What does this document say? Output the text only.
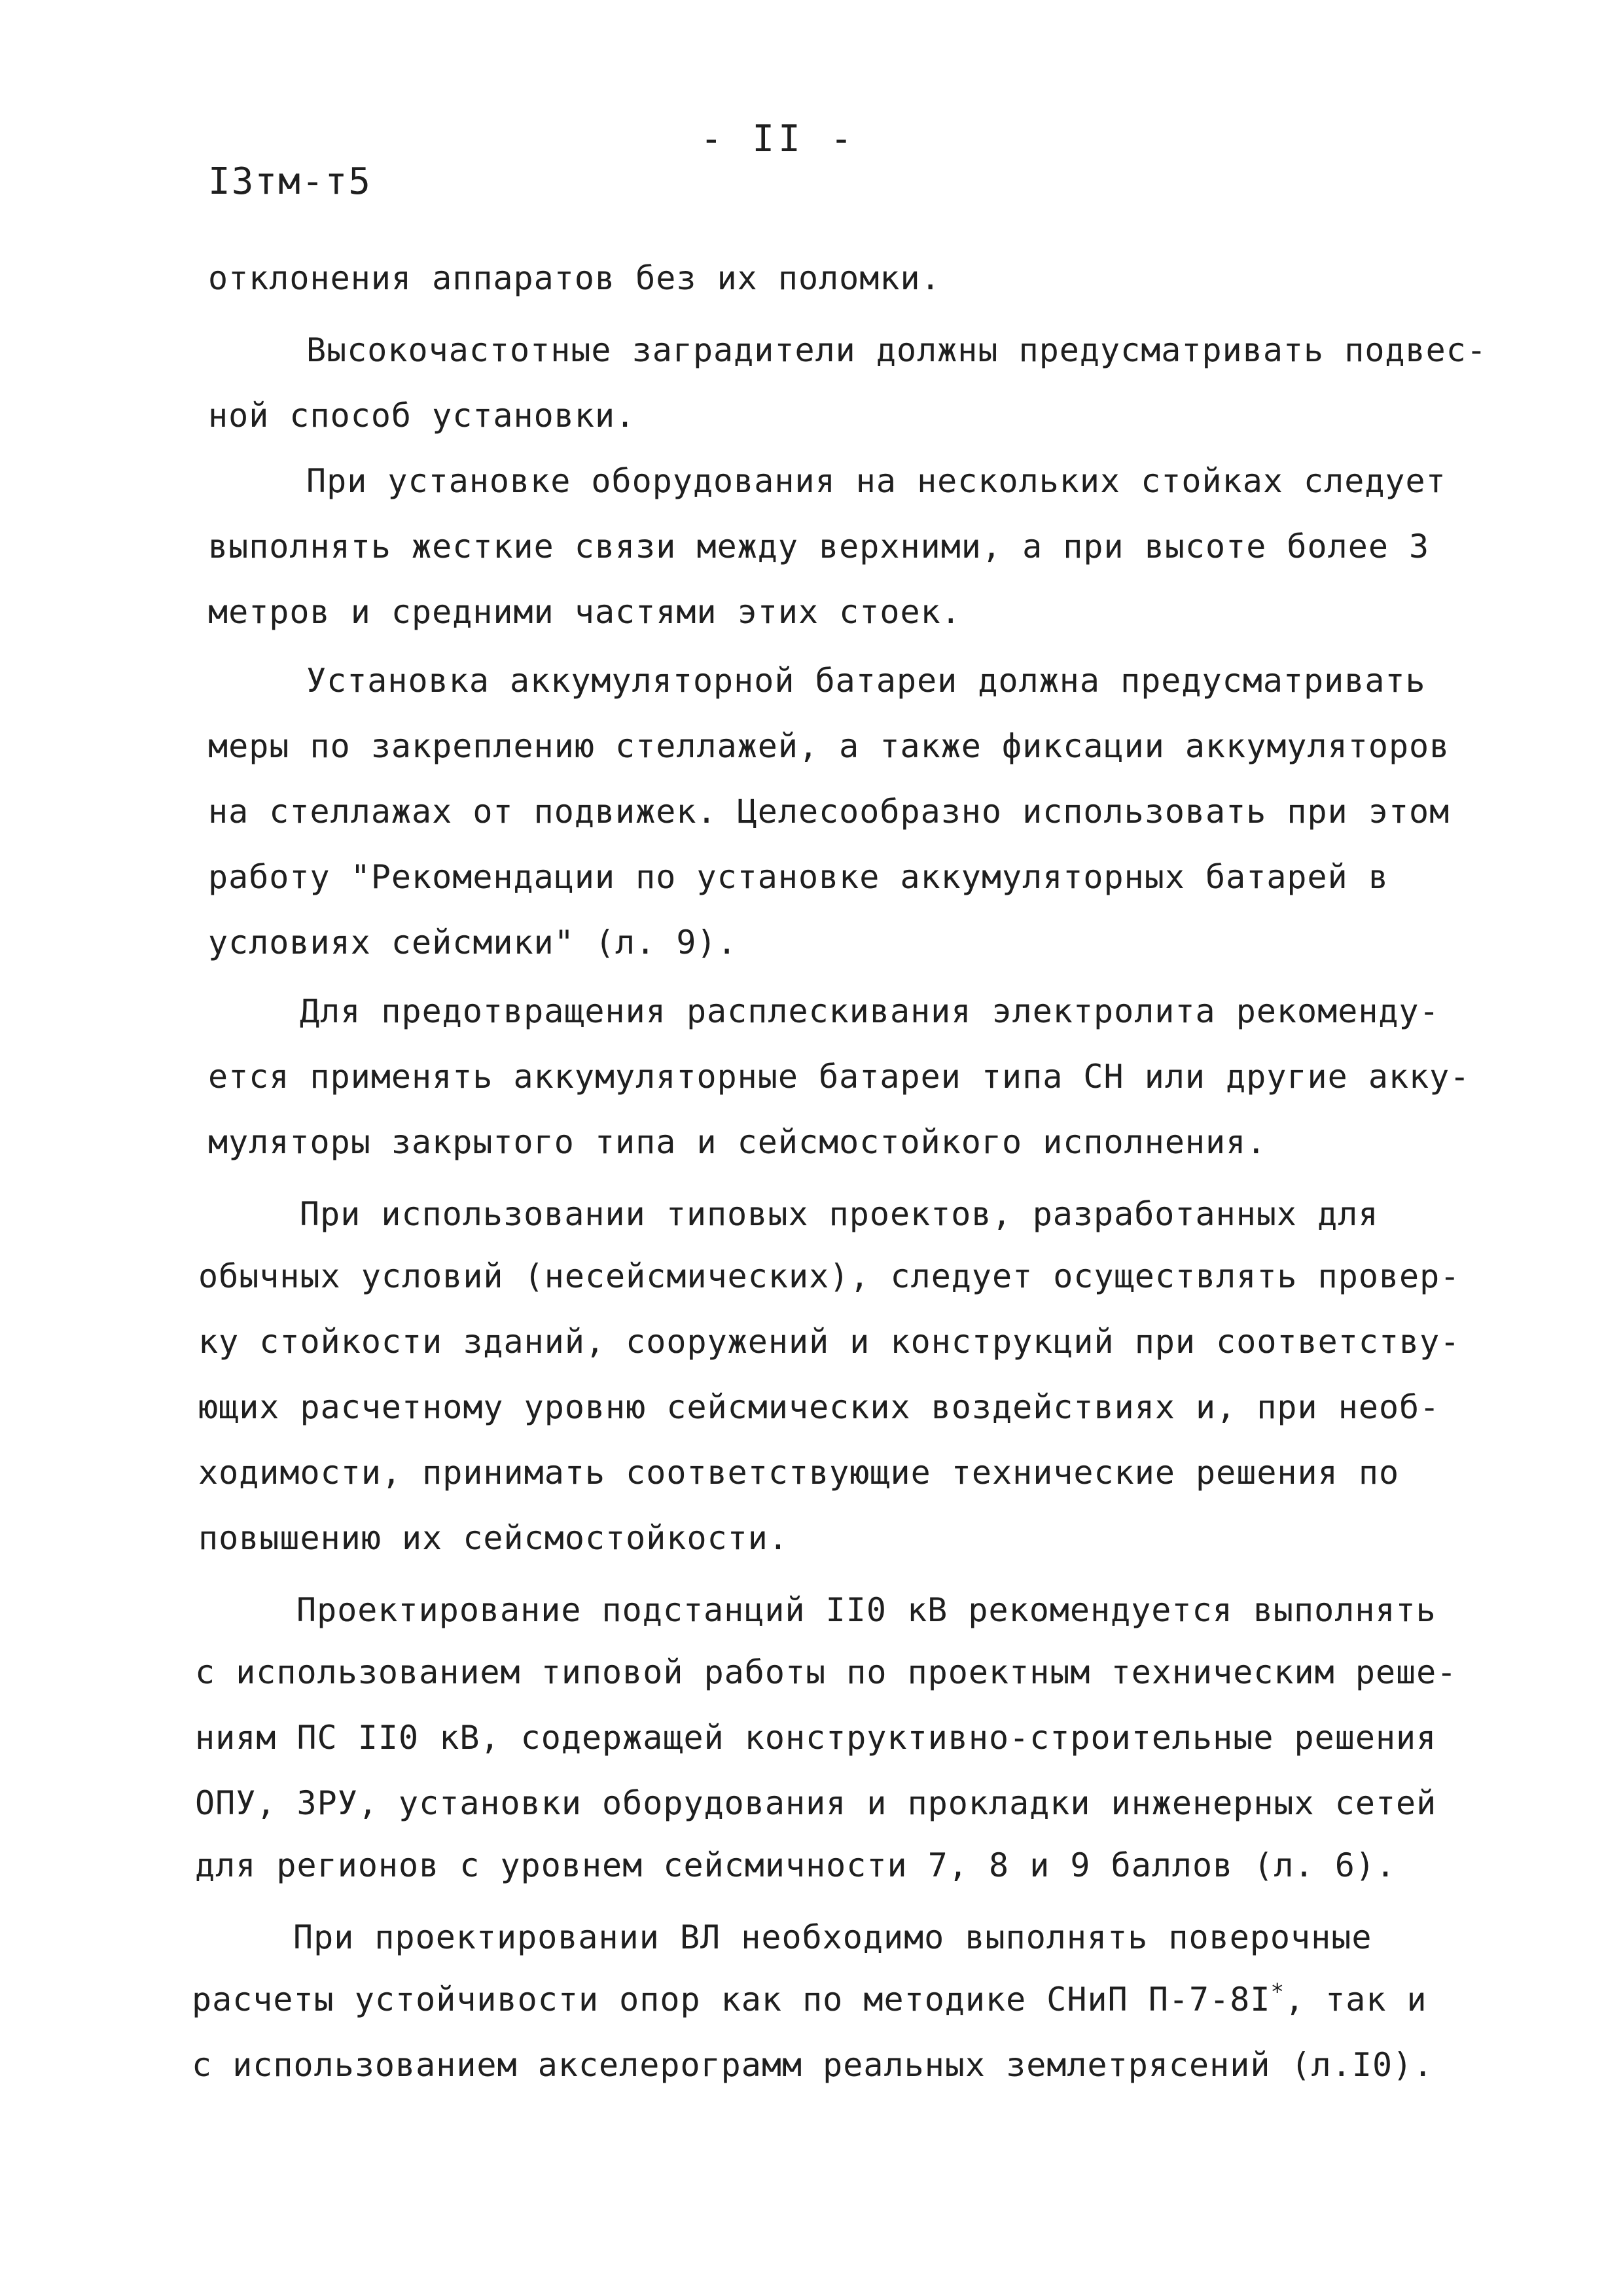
- II -
I3тм-т5
отклонения аппаратов без их поломки.
Высокочастотные заградители должны предусматривать подвес-
ной способ установки.
При установке оборудования на нескольких стойках следует
выполнять жесткие связи между верхними, а при высоте более 3
метров и средними частями этих стоек.
Установка аккумуляторной батареи должна предусматривать
меры по закреплению стеллажей, а также фиксации аккумуляторов
на стеллажах от подвижек. Целесообразно использовать при этом
работу "Рекомендации по установке аккумуляторных батарей в
условиях сейсмики" (л. 9).
Для предотвращения расплескивания электролита рекоменду-
ется применять аккумуляторные батареи типа СН или другие акку-
муляторы закрытого типа и сейсмостойкого исполнения.
При использовании типовых проектов, разработанных для
обычных условий (несейсмических), следует осуществлять провер-
ку стойкости зданий, сооружений и конструкций при соответству-
ющих расчетному уровню сейсмических воздействиях и, при необ-
ходимости, принимать соответствующие технические решения по
повышению их сейсмостойкости.
Проектирование подстанций II0 кВ рекомендуется выполнять
с использованием типовой работы по проектным техническим реше-
ниям ПС II0 кВ, содержащей конструктивно-строительные решения
ОПУ, ЗРУ, установки оборудования и прокладки инженерных сетей
для регионов с уровнем сейсмичности 7, 8 и 9 баллов (л. 6).
При проектировании ВЛ необходимо выполнять поверочные
расчеты устойчивости опор как по методике СНиП П-7-8I*, так и
с использованием акселерограмм реальных землетрясений (л.I0).
